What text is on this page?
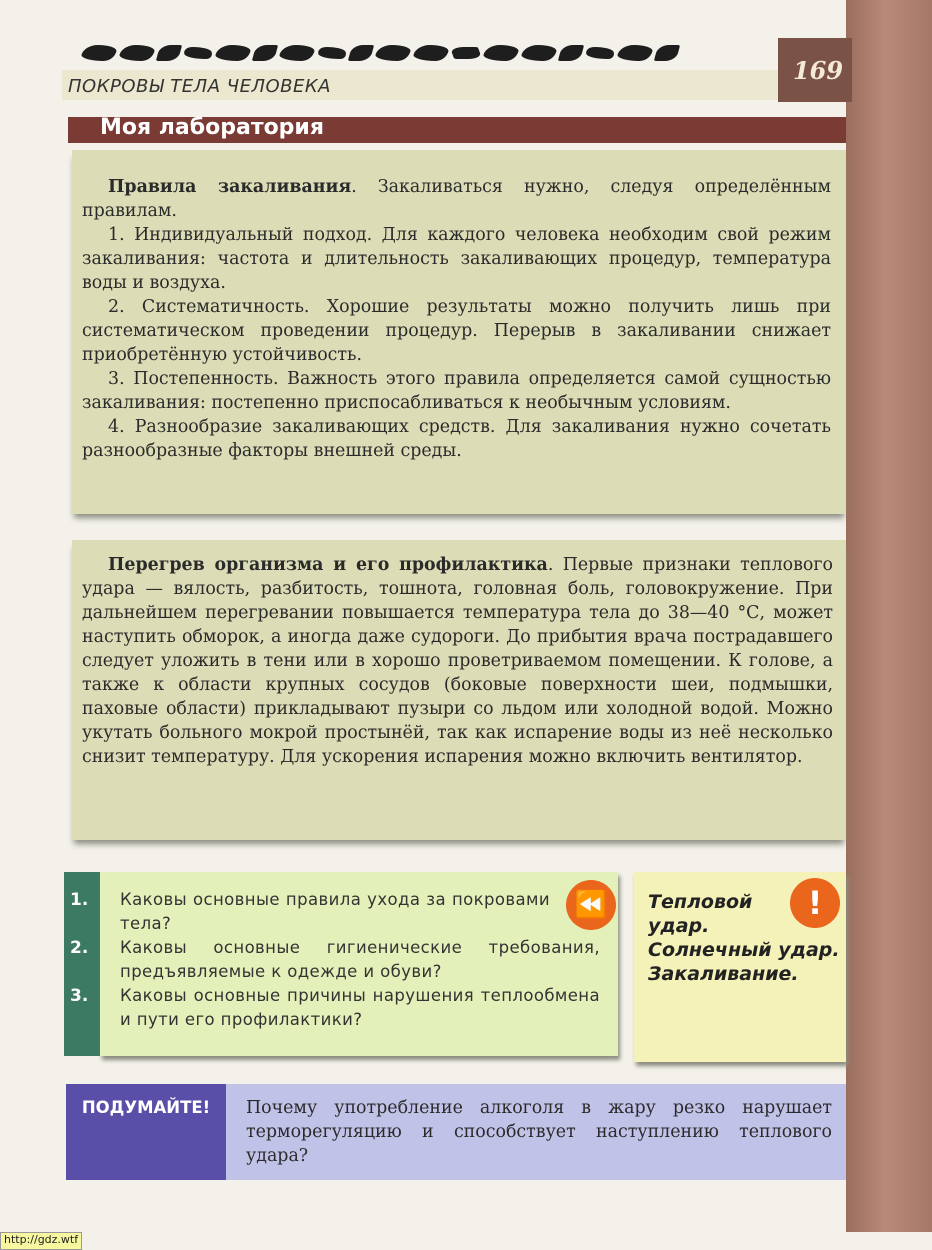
ПОКРОВЫ ТЕЛА ЧЕЛОВЕКА
169
Моя лаборатория

Правила закаливания. Закаливаться нужно, следуя определённым правилам.

1. Индивидуальный подход. Для каждого человека необходим свой режим закаливания: частота и длительность закаливающих процедур, температура воды и воздуха.

2. Систематичность. Хорошие результаты можно получить лишь при систематическом проведении процедур. Перерыв в закаливании снижает приобретённую устойчивость.

3. Постепенность. Важность этого правила определяется самой сущностью закаливания: постепенно приспосабливаться к необычным условиям.

4. Разнообразие закаливающих средств. Для закаливания нужно сочетать разнообразные факторы внешней среды.

Перегрев организма и его профилактика. Первые признаки теплового удара — вялость, разбитость, тошнота, головная боль, головокружение. При дальнейшем перегревании повышается температура тела до 38—40 °С, может наступить обморок, а иногда даже судороги. До прибытия врача пострадавшего следует уложить в тени или в хорошо проветриваемом помещении. К голове, а также к области крупных сосудов (боковые поверхности шеи, подмышки, паховые области) прикладывают пузыри со льдом или холодной водой. Можно укутать больного мокрой простынёй, так как испарение воды из неё несколько снизит температуру. Для ускорения испарения можно включить вентилятор.

1. Каковы основные правила ухода за покровами тела?
2. Каковы основные гигиенические требования, предъявляемые к одежде и обуви?
3. Каковы основные причины нарушения теплообмена и пути его профилактики?
⏪	Тепловой
удар.
Солнечный удар.
Закаливание.
!
ПОДУМАЙТЕ!	Почему употребление алкоголя в жару резко нарушает терморегуляцию и способствует наступлению теплового удара?
http://gdz.wtf
